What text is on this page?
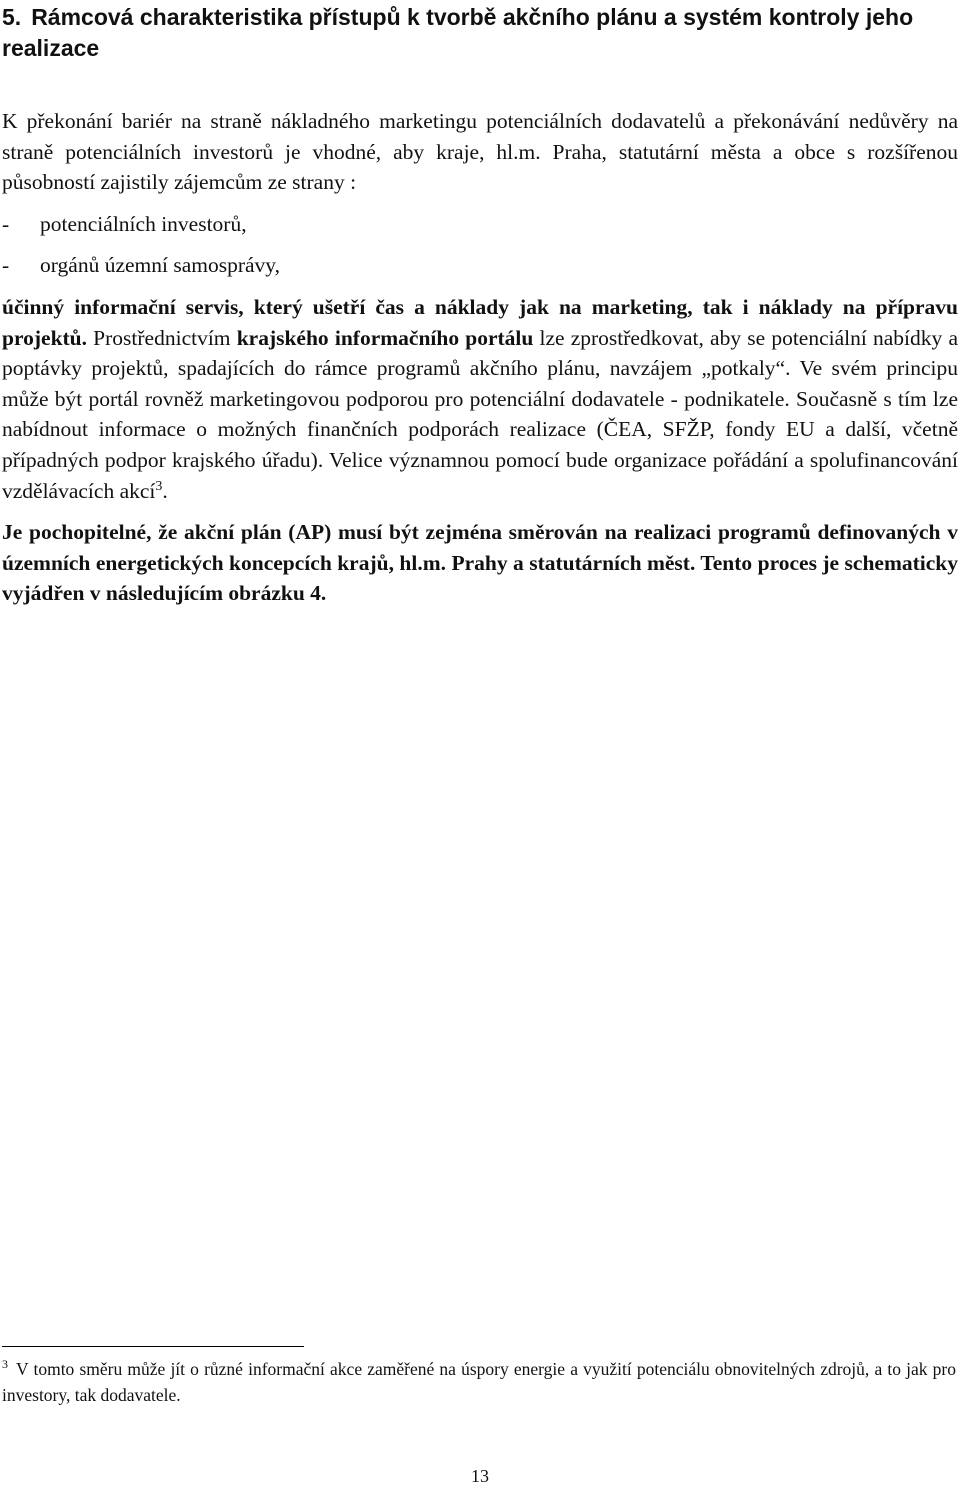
5. Rámcová charakteristika přístupů k tvorbě akčního plánu a systém kontroly jeho realizace

K překonání bariér na straně nákladného marketingu potenciálních dodavatelů a překonávání nedůvěry na straně potenciálních investorů je vhodné, aby kraje, hl.m. Praha, statutární města a obce s rozšířenou působností zajistily zájemcům ze strany :

- potenciálních investorů,

- orgánů územní samosprávy,

účinný informační servis, který ušetří čas a náklady jak na marketing, tak i náklady na přípravu projektů. Prostřednictvím krajského informačního portálu lze zprostředkovat, aby se potenciální nabídky a poptávky projektů, spadajících do rámce programů akčního plánu, navzájem „potkaly“. Ve svém principu může být portál rovněž marketingovou podporou pro potenciální dodavatele - podnikatele. Současně s tím lze nabídnout informace o možných finančních podporách realizace (ČEA, SFŽP, fondy EU a další, včetně případných podpor krajského úřadu). Velice významnou pomocí bude organizace pořádání a spolufinancování vzdělávacích akcí$^3$.

Je pochopitelné, že akční plán (AP) musí být zejména směrován na realizaci programů definovaných v územních energetických koncepcích krajů, hl.m. Prahy a statutárních měst. Tento proces je schematicky vyjádřen v následujícím obrázku 4.

$^3$ V tomto směru může jít o různé informační akce zaměřené na úspory energie a využití potenciálu obnovitelných zdrojů, a to jak pro investory, tak dodavatele.

13
